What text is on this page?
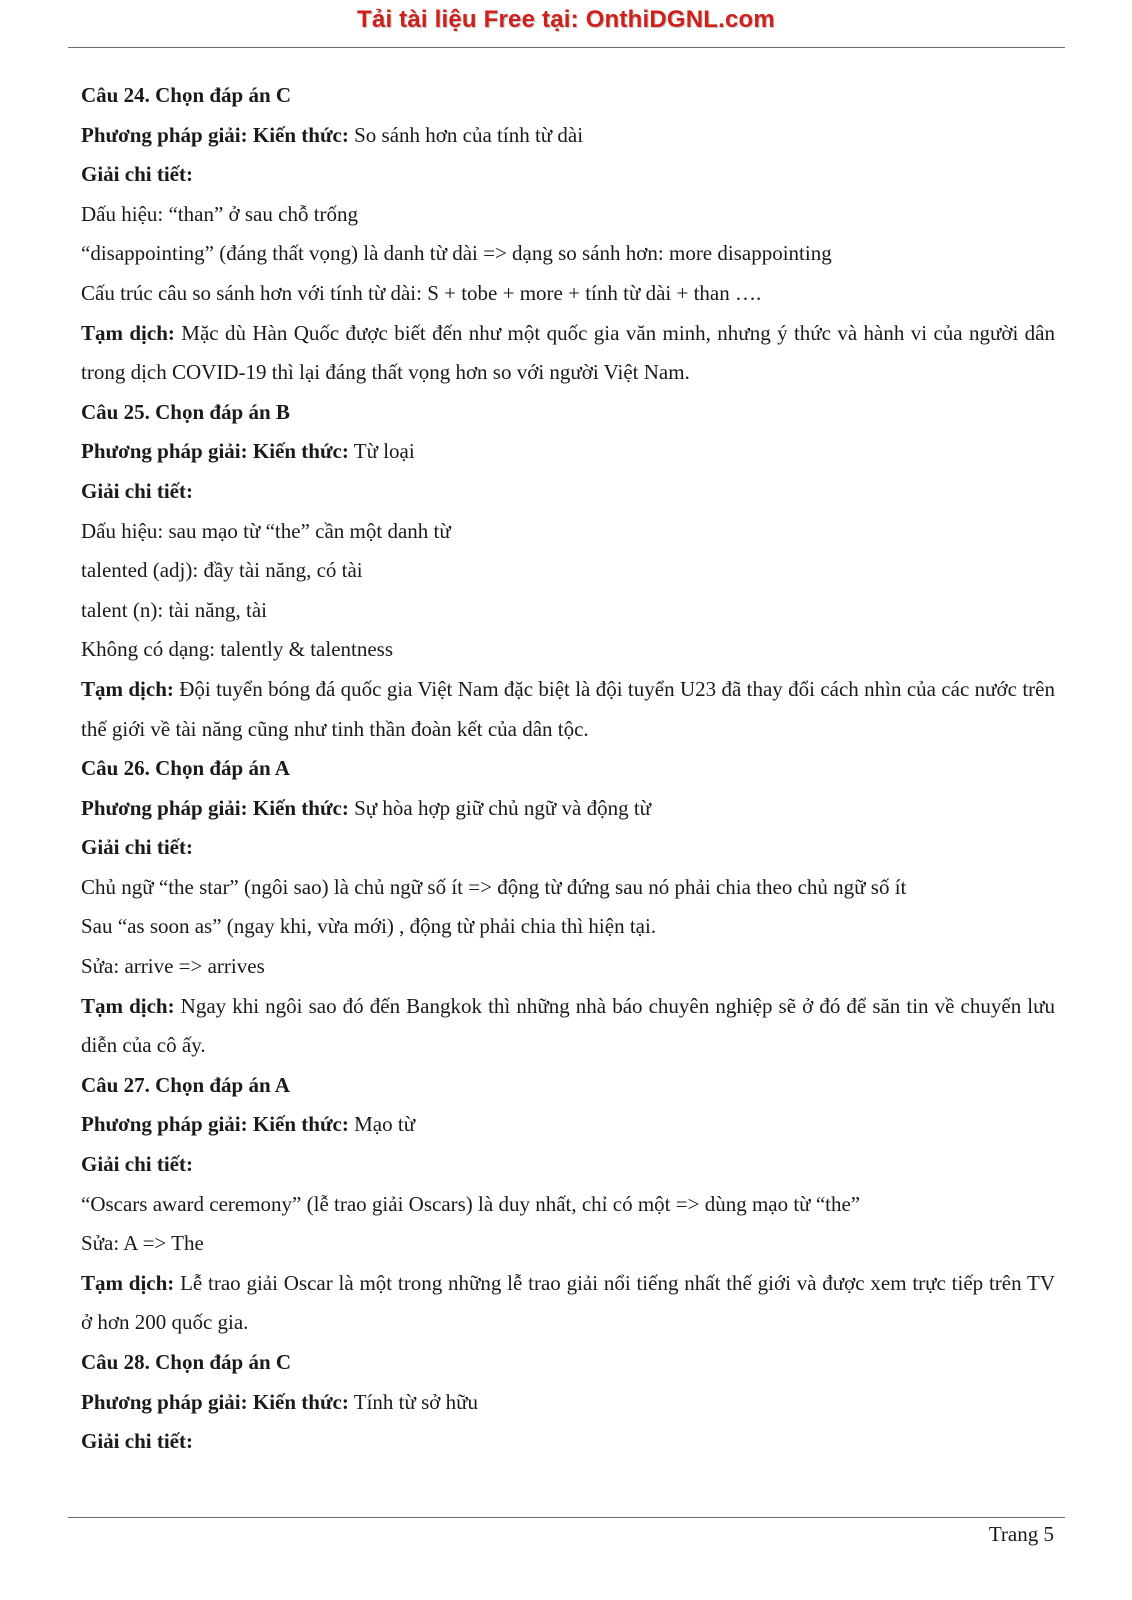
Tải tài liệu Free tại: OnthiDGNL.com
Câu 24. Chọn đáp án C
Phương pháp giải: Kiến thức: So sánh hơn của tính từ dài
Giải chi tiết:
Dấu hiệu: “than” ở sau chỗ trống
“disappointing” (đáng thất vọng) là danh từ dài => dạng so sánh hơn: more disappointing
Cấu trúc câu so sánh hơn với tính từ dài: S + tobe + more + tính từ dài + than ….
Tạm dịch: Mặc dù Hàn Quốc được biết đến như một quốc gia văn minh, nhưng ý thức và hành vi của người dân trong dịch COVID-19 thì lại đáng thất vọng hơn so với người Việt Nam.
Câu 25. Chọn đáp án B
Phương pháp giải: Kiến thức: Từ loại
Giải chi tiết:
Dấu hiệu: sau mạo từ “the” cần một danh từ
talented (adj): đầy tài năng, có tài
talent (n): tài năng, tài
Không có dạng: talently & talentness
Tạm dịch: Đội tuyển bóng đá quốc gia Việt Nam đặc biệt là đội tuyển U23 đã thay đổi cách nhìn của các nước trên thế giới về tài năng cũng như tinh thần đoàn kết của dân tộc.
Câu 26. Chọn đáp án A
Phương pháp giải: Kiến thức: Sự hòa hợp giữ chủ ngữ và động từ
Giải chi tiết:
Chủ ngữ “the star” (ngôi sao) là chủ ngữ số ít => động từ đứng sau nó phải chia theo chủ ngữ số ít
Sau “as soon as” (ngay khi, vừa mới) , động từ phải chia thì hiện tại.
Sửa: arrive => arrives
Tạm dịch: Ngay khi ngôi sao đó đến Bangkok thì những nhà báo chuyên nghiệp sẽ ở đó để săn tin về chuyến lưu diễn của cô ấy.
Câu 27. Chọn đáp án A
Phương pháp giải: Kiến thức: Mạo từ
Giải chi tiết:
“Oscars award ceremony” (lễ trao giải Oscars) là duy nhất, chỉ có một => dùng mạo từ “the”
Sửa: A => The
Tạm dịch: Lễ trao giải Oscar là một trong những lễ trao giải nổi tiếng nhất thế giới và được xem trực tiếp trên TV ở hơn 200 quốc gia.
Câu 28. Chọn đáp án C
Phương pháp giải: Kiến thức: Tính từ sở hữu
Giải chi tiết:
Trang 5
